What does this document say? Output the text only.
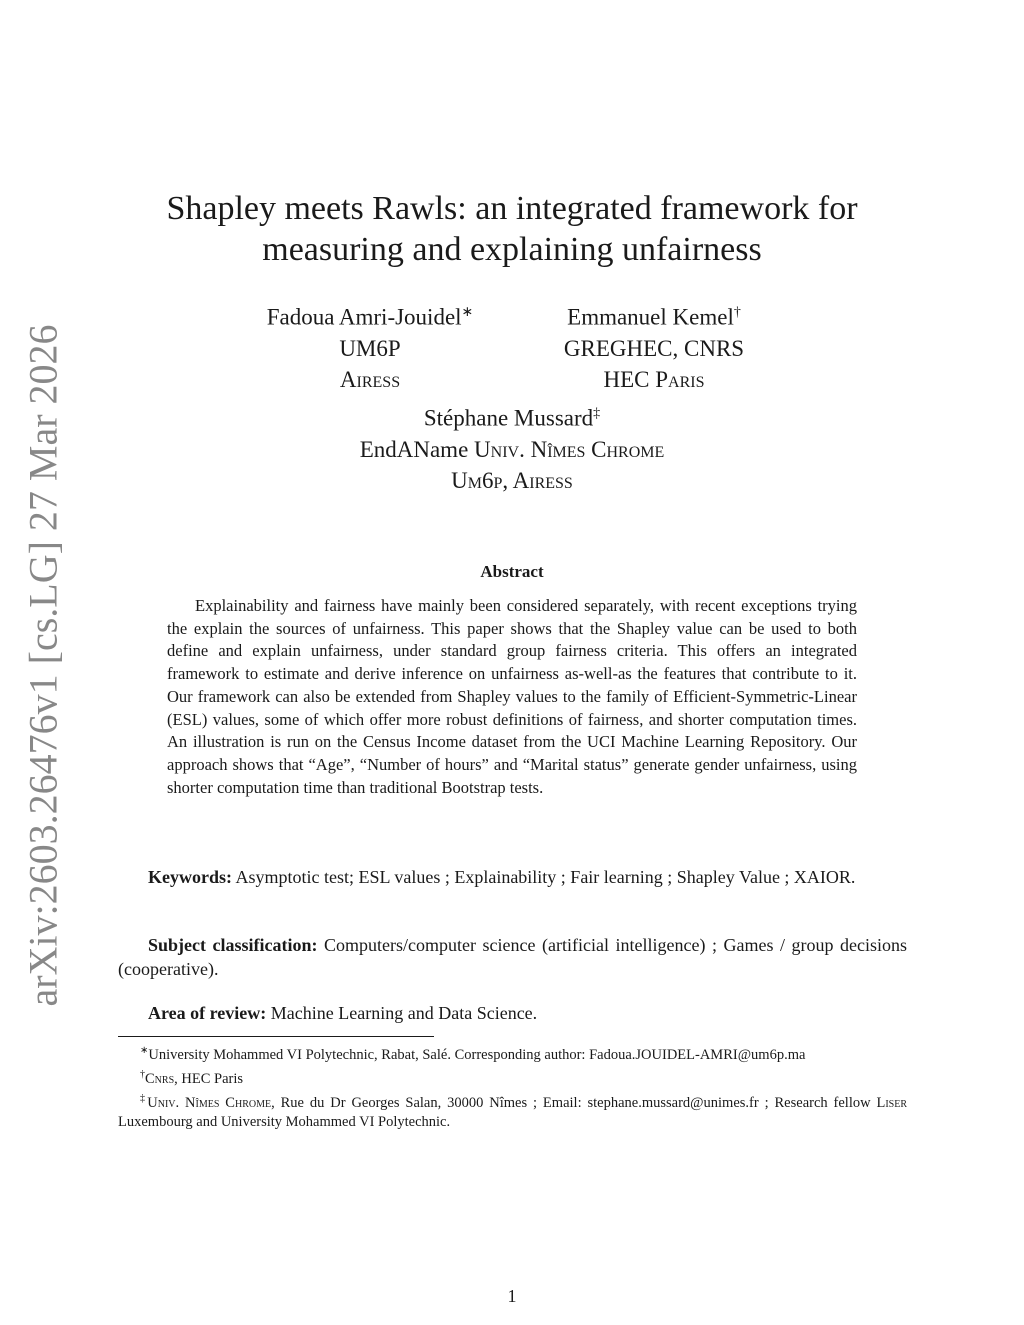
arXiv:2603.26476v1 [cs.LG] 27 Mar 2026
Shapley meets Rawls: an integrated framework for
measuring and explaining unfairness
Fadoua Amri-Jouidel∗
UM6P
Airess
Emmanuel Kemel†
GREGHEC, CNRS
HEC Paris
Stéphane Mussard‡
EndAName Univ. Nîmes Chrome
Um6p, Airess
Abstract

Explainability and fairness have mainly been considered separately, with recent exceptions trying the explain the sources of unfairness. This paper shows that the Shapley value can be used to both define and explain unfairness, under standard group fairness criteria. This offers an integrated framework to estimate and derive inference on unfairness as-well-as the features that contribute to it. Our framework can also be extended from Shapley values to the family of Efficient-Symmetric-Linear (ESL) values, some of which offer more robust definitions of fairness, and shorter computation times. An illustration is run on the Census Income dataset from the UCI Machine Learning Repository. Our approach shows that “Age”, “Number of hours” and “Marital status” generate gender unfairness, using shorter computation time than traditional Bootstrap tests.

Keywords: Asymptotic test; ESL values ; Explainability ; Fair learning ; Shapley Value ; XAIOR.

Subject classification: Computers/computer science (artificial intelligence) ; Games / group decisions (cooperative).

Area of review: Machine Learning and Data Science.

∗University Mohammed VI Polytechnic, Rabat, Salé. Corresponding author: Fadoua.JOUIDEL-AMRI@um6p.ma

†Cnrs, HEC Paris

‡Univ. Nîmes Chrome, Rue du Dr Georges Salan, 30000 Nîmes ; Email: stephane.mussard@unimes.fr ; Research fellow Liser Luxembourg and University Mohammed VI Polytechnic.

1
